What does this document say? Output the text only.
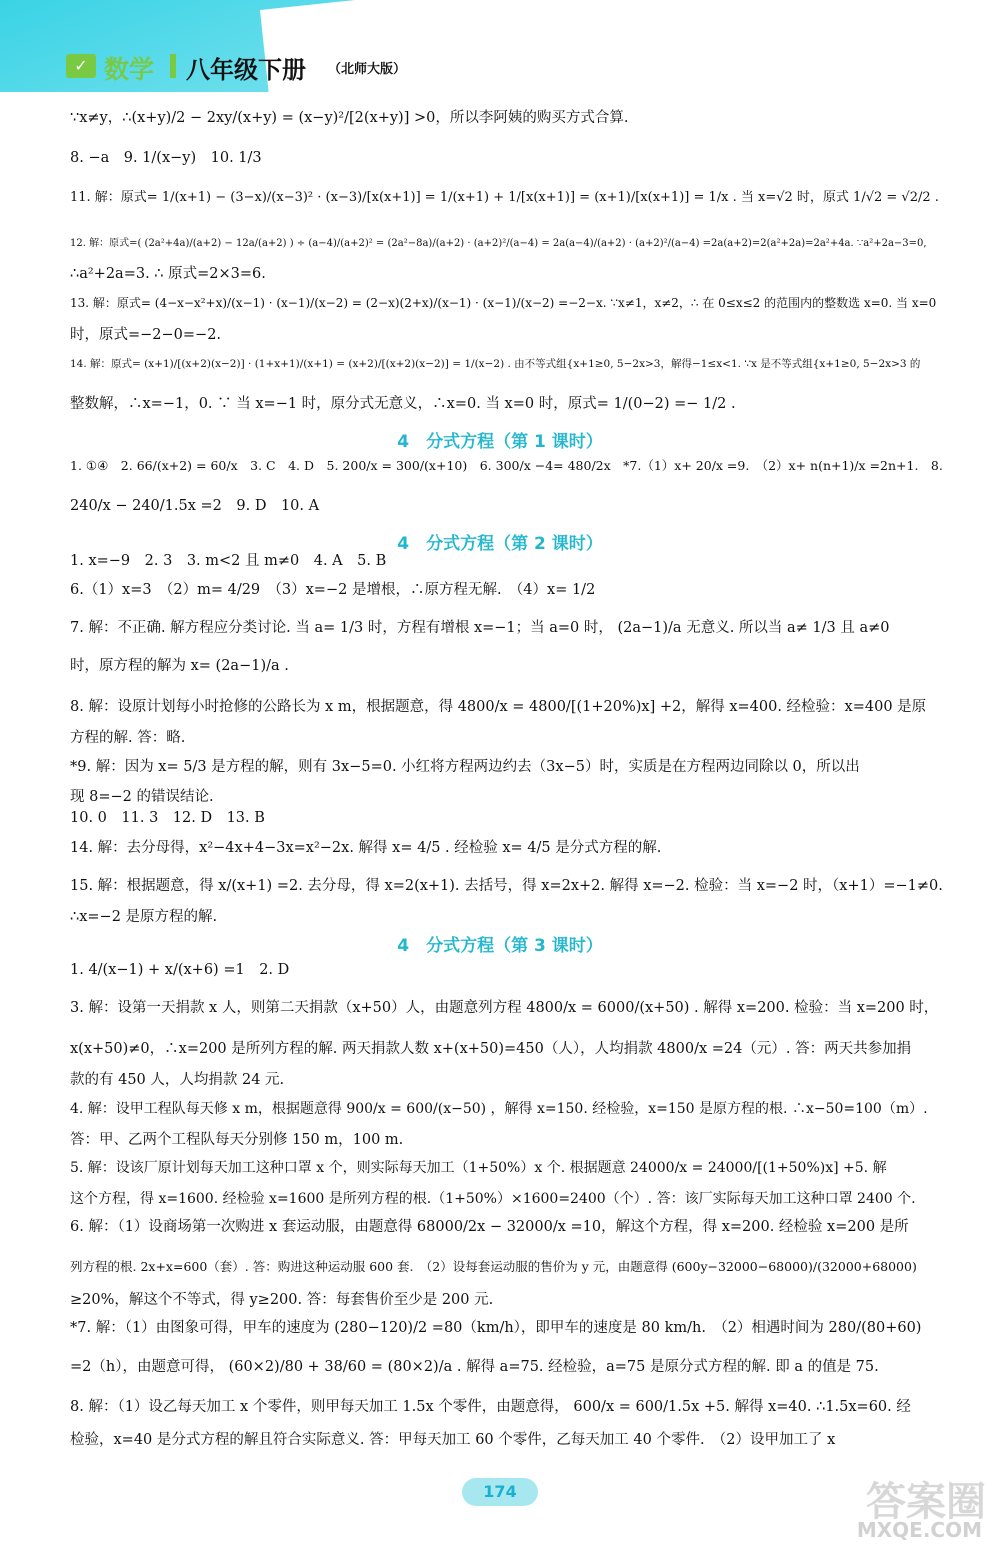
✓ 数学 八年级下册 （北师大版）
∵x≠y，∴(x+y)/2 − 2xy/(x+y) = (x−y)²/[2(x+y)] >0，所以李阿姨的购买方式合算.
8. −a　9. 1/(x−y)　10. 1/3
11. 解：原式= 1/(x+1) − (3−x)/(x−3)² · (x−3)/[x(x+1)] = 1/(x+1) + 1/[x(x+1)] = (x+1)/[x(x+1)] = 1/x . 当 x=√2 时，原式 1/√2 = √2/2 .
12. 解：原式=( (2a²+4a)/(a+2) − 12a/(a+2) ) ÷ (a−4)/(a+2)² = (2a²−8a)/(a+2) · (a+2)²/(a−4) = 2a(a−4)/(a+2) · (a+2)²/(a−4) =2a(a+2)=2(a²+2a)=2a²+4a. ∵a²+2a−3=0,
∴a²+2a=3. ∴ 原式=2×3=6.
13. 解：原式= (4−x−x²+x)/(x−1) · (x−1)/(x−2) = (2−x)(2+x)/(x−1) · (x−1)/(x−2) =−2−x. ∵x≠1，x≠2，∴ 在 0≤x≤2 的范围内的整数选 x=0. 当 x=0
时，原式=−2−0=−2.
14. 解：原式= (x+1)/[(x+2)(x−2)] · (1+x+1)/(x+1) = (x+2)/[(x+2)(x−2)] = 1/(x−2) . 由不等式组{x+1≥0, 5−2x>3，解得−1≤x<1. ∵x 是不等式组{x+1≥0, 5−2x>3 的
整数解，∴x=−1，0. ∵ 当 x=−1 时，原分式无意义，∴x=0. 当 x=0 时，原式= 1/(0−2) =− 1/2 .
4　分式方程（第 1 课时）
1. ①④　2. 66/(x+2) = 60/x　3. C　4. D　5. 200/x = 300/(x+10)　6. 300/x −4= 480/2x　*7.（1）x+ 20/x =9.　（2）x+ n(n+1)/x =2n+1.　8.
240/x − 240/1.5x =2　9. D　10. A
4　分式方程（第 2 课时）
1. x=−9　2. 3　3. m<2 且 m≠0　4. A　5. B
6.（1）x=3　（2）m= 4/29　（3）x=−2 是增根，∴原方程无解.　（4）x= 1/2
7. 解：不正确. 解方程应分类讨论. 当 a= 1/3 时，方程有增根 x=−1；当 a=0 时， (2a−1)/a 无意义. 所以当 a≠ 1/3 且 a≠0
时，原方程的解为 x= (2a−1)/a .
8. 解：设原计划每小时抢修的公路长为 x m，根据题意，得 4800/x = 4800/[(1+20%)x] +2，解得 x=400. 经检验：x=400 是原
方程的解. 答：略.
*9. 解：因为 x= 5/3 是方程的解，则有 3x−5=0. 小红将方程两边约去（3x−5）时，实质是在方程两边同除以 0，所以出
现 8=−2 的错误结论.
10. 0　11. 3　12. D　13. B
14. 解：去分母得，x²−4x+4−3x=x²−2x. 解得 x= 4/5 . 经检验 x= 4/5 是分式方程的解.
15. 解：根据题意，得 x/(x+1) =2. 去分母，得 x=2(x+1). 去括号，得 x=2x+2. 解得 x=−2. 检验：当 x=−2 时，（x+1）=−1≠0.
∴x=−2 是原方程的解.
4　分式方程（第 3 课时）
1. 4/(x−1) + x/(x+6) =1　2. D
3. 解：设第一天捐款 x 人，则第二天捐款（x+50）人，由题意列方程 4800/x = 6000/(x+50) . 解得 x=200. 检验：当 x=200 时，
x(x+50)≠0，∴x=200 是所列方程的解. 两天捐款人数 x+(x+50)=450（人），人均捐款 4800/x =24（元）. 答：两天共参加捐
款的有 450 人，人均捐款 24 元.
4. 解：设甲工程队每天修 x m，根据题意得 900/x = 600/(x−50) ，解得 x=150. 经检验，x=150 是原方程的根. ∴x−50=100（m）.
答：甲、乙两个工程队每天分别修 150 m，100 m.
5. 解：设该厂原计划每天加工这种口罩 x 个，则实际每天加工（1+50%）x 个. 根据题意 24000/x = 24000/[(1+50%)x] +5. 解
这个方程，得 x=1600. 经检验 x=1600 是所列方程的根.（1+50%）×1600=2400（个）. 答：该厂实际每天加工这种口罩 2400 个.
6. 解：（1）设商场第一次购进 x 套运动服，由题意得 68000/2x − 32000/x =10，解这个方程，得 x=200. 经检验 x=200 是所
列方程的根. 2x+x=600（套）. 答：购进这种运动服 600 套.　（2）设每套运动服的售价为 y 元，由题意得 (600y−32000−68000)/(32000+68000)
≥20%，解这个不等式，得 y≥200. 答：每套售价至少是 200 元.
*7. 解：（1）由图象可得，甲车的速度为 (280−120)/2 =80（km/h），即甲车的速度是 80 km/h.　（2）相遇时间为 280/(80+60)
=2（h），由题意可得， (60×2)/80 + 38/60 = (80×2)/a . 解得 a=75. 经检验，a=75 是原分式方程的解. 即 a 的值是 75.
8. 解：（1）设乙每天加工 x 个零件，则甲每天加工 1.5x 个零件，由题意得， 600/x = 600/1.5x +5. 解得 x=40. ∴1.5x=60. 经
检验，x=40 是分式方程的解且符合实际意义. 答：甲每天加工 60 个零件，乙每天加工 40 个零件.　（2）设甲加工了 x
174	答案圈
MXQE.COM
